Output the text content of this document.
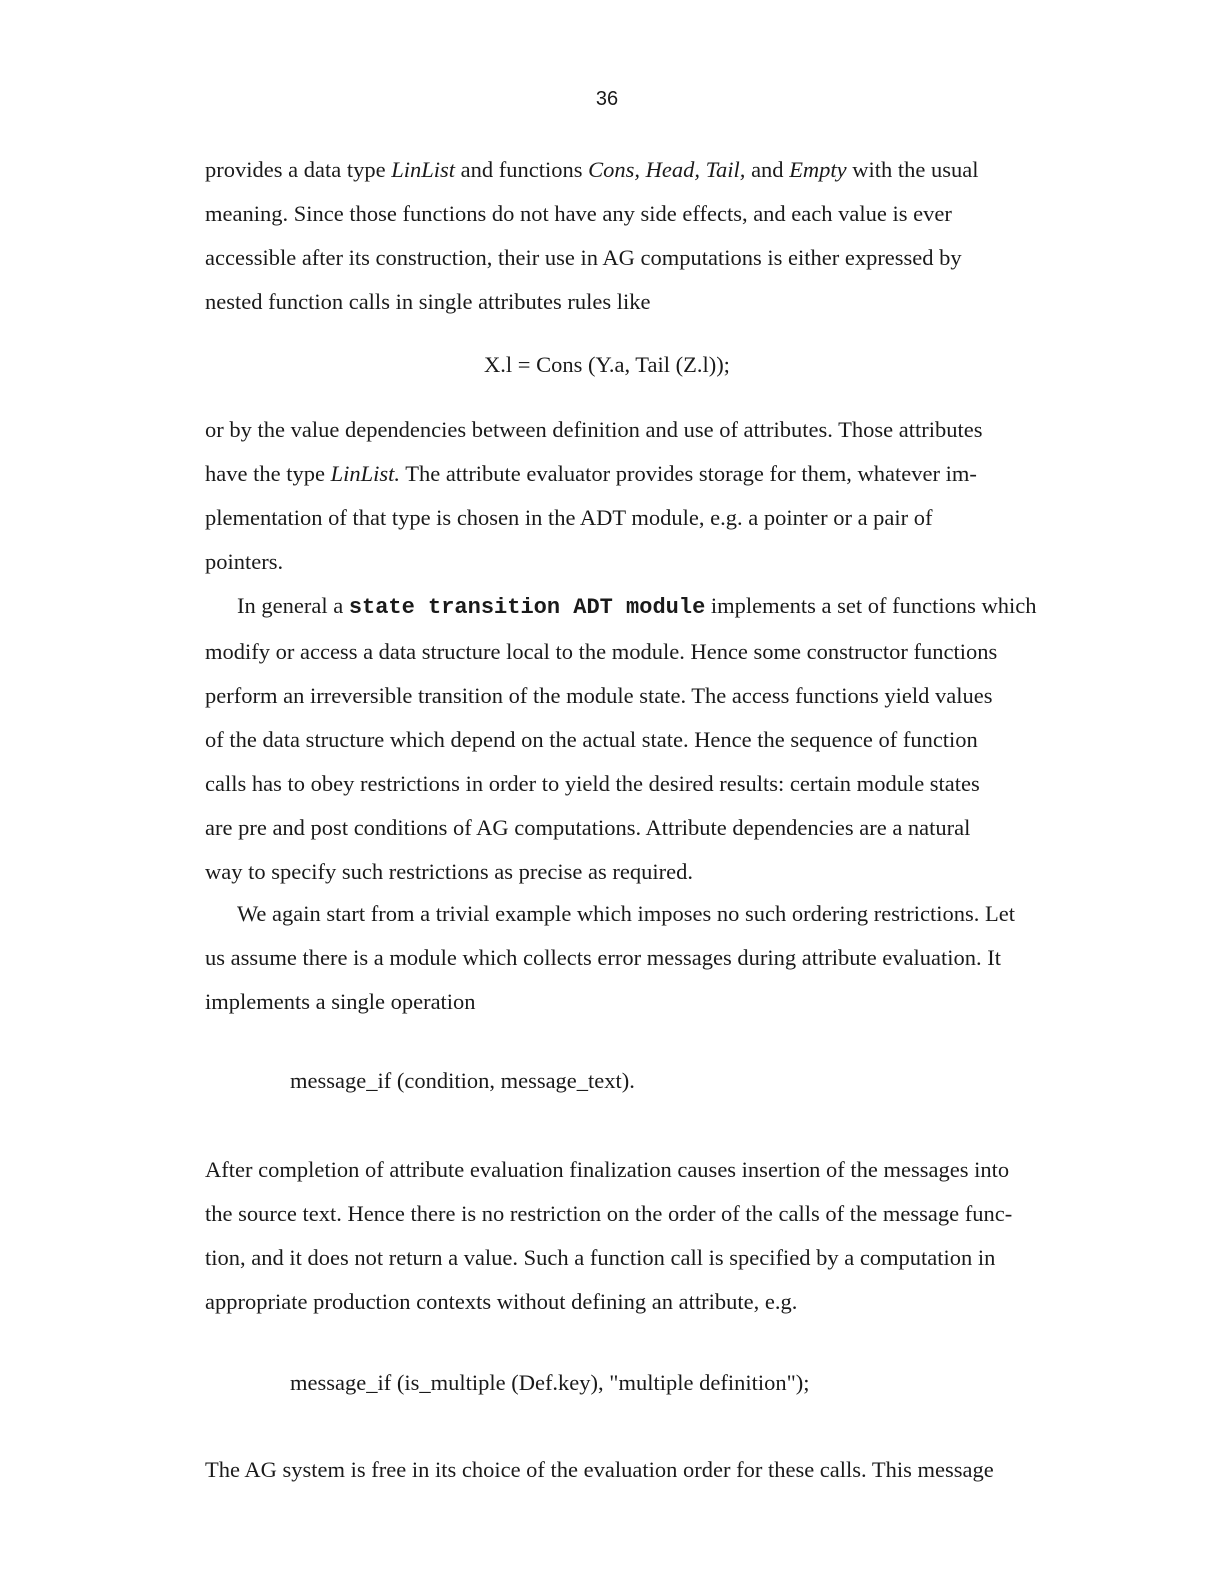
36
provides a data type LinList and functions Cons, Head, Tail, and Empty with the usual
meaning. Since those functions do not have any side effects, and each value is ever
accessible after its construction, their use in AG computations is either expressed by
nested function calls in single attributes rules like
X.l = Cons (Y.a, Tail (Z.l));
or by the value dependencies between definition and use of attributes. Those attributes
have the type LinList. The attribute evaluator provides storage for them, whatever im-
plementation of that type is chosen in the ADT module, e.g. a pointer or a pair of
pointers.
In general a state transition ADT module implements a set of functions which
modify or access a data structure local to the module. Hence some constructor functions
perform an irreversible transition of the module state. The access functions yield values
of the data structure which depend on the actual state. Hence the sequence of function
calls has to obey restrictions in order to yield the desired results: certain module states
are pre and post conditions of AG computations. Attribute dependencies are a natural
way to specify such restrictions as precise as required.
We again start from a trivial example which imposes no such ordering restrictions. Let
us assume there is a module which collects error messages during attribute evaluation. It
implements a single operation
message_if (condition, message_text).
After completion of attribute evaluation finalization causes insertion of the messages into
the source text. Hence there is no restriction on the order of the calls of the message func-
tion, and it does not return a value. Such a function call is specified by a computation in
appropriate production contexts without defining an attribute, e.g.
message_if (is_multiple (Def.key), "multiple definition");
The AG system is free in its choice of the evaluation order for these calls. This message
